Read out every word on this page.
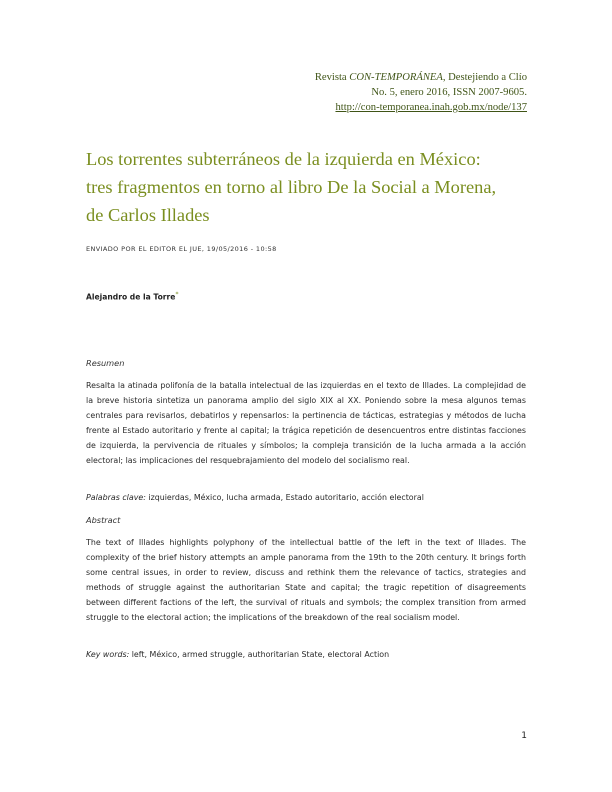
Revista CON-TEMPORÁNEA, Destejiendo a Clío
No. 5, enero 2016, ISSN 2007-9605.
http://con-temporanea.inah.gob.mx/node/137
Los torrentes subterráneos de la izquierda en México:
tres fragmentos en torno al libro De la Social a Morena,
de Carlos Illades
ENVIADO POR EL EDITOR EL JUE, 19/05/2016 - 10:58
Alejandro de la Torre*
Resumen

Resalta la atinada polifonía de la batalla intelectual de las izquierdas en el texto de Illades. La complejidad de la breve historia sintetiza un panorama amplio del siglo XIX al XX. Poniendo sobre la mesa algunos temas centrales para revisarlos, debatirlos y repensarlos: la pertinencia de tácticas, estrategias y métodos de lucha frente al Estado autoritario y frente al capital; la trágica repetición de desencuentros entre distintas facciones de izquierda, la pervivencia de rituales y símbolos; la compleja transición de la lucha armada a la acción electoral; las implicaciones del resquebrajamiento del modelo del socialismo real.

Palabras clave: izquierdas, México, lucha armada, Estado autoritario, acción electoral
Abstract

The text of Illades highlights polyphony of the intellectual battle of the left in the text of Illades. The complexity of the brief history attempts an ample panorama from the 19th to the 20th century. It brings forth some central issues, in order to review, discuss and rethink them the relevance of tactics, strategies and methods of struggle against the authoritarian State and capital; the tragic repetition of disagreements between different factions of the left, the survival of rituals and symbols; the complex transition from armed struggle to the electoral action; the implications of the breakdown of the real socialism model.

Key words: left, México, armed struggle, authoritarian State, electoral Action
1
